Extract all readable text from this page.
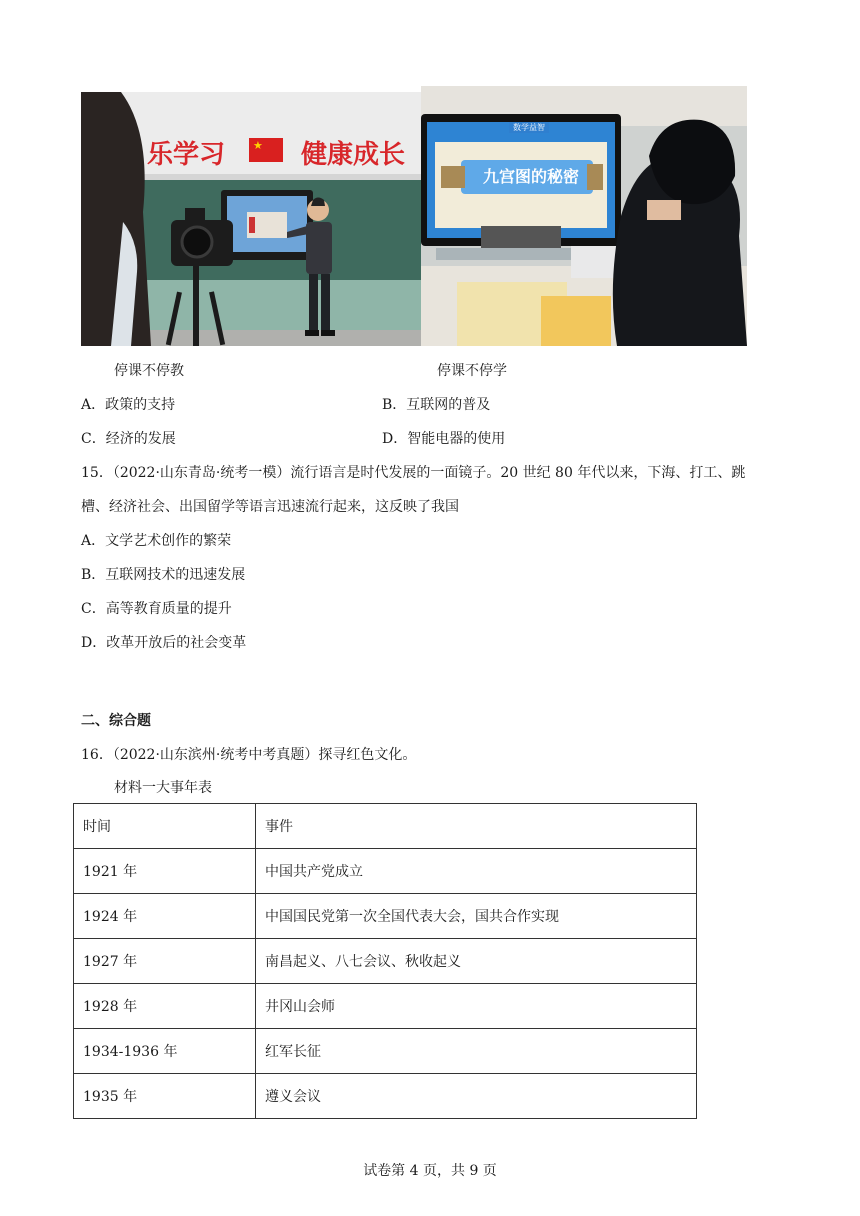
乐学习	★ 健康成长
数学益智
九宫图的秘密
停课不停教	停课不停学
A．政策的支持	B．互联网的普及
C．经济的发展	D．智能电器的使用
15．（2022·山东青岛·统考一模）流行语言是时代发展的一面镜子。20 世纪 80 年代以来，下海、打工、跳
槽、经济社会、出国留学等语言迅速流行起来，这反映了我国
A．文学艺术创作的繁荣
B．互联网技术的迅速发展
C．高等教育质量的提升
D．改革开放后的社会变革
二、综合题
16．（2022·山东滨州·统考中考真题）探寻红色文化。
材料一大事年表
时间	事件
1921 年	中国共产党成立
1924 年	中国国民党第一次全国代表大会，国共合作实现
1927 年	南昌起义、八七会议、秋收起义
1928 年	井冈山会师
1934-1936 年	红军长征
1935 年	遵义会议
试卷第 4 页，共 9 页
